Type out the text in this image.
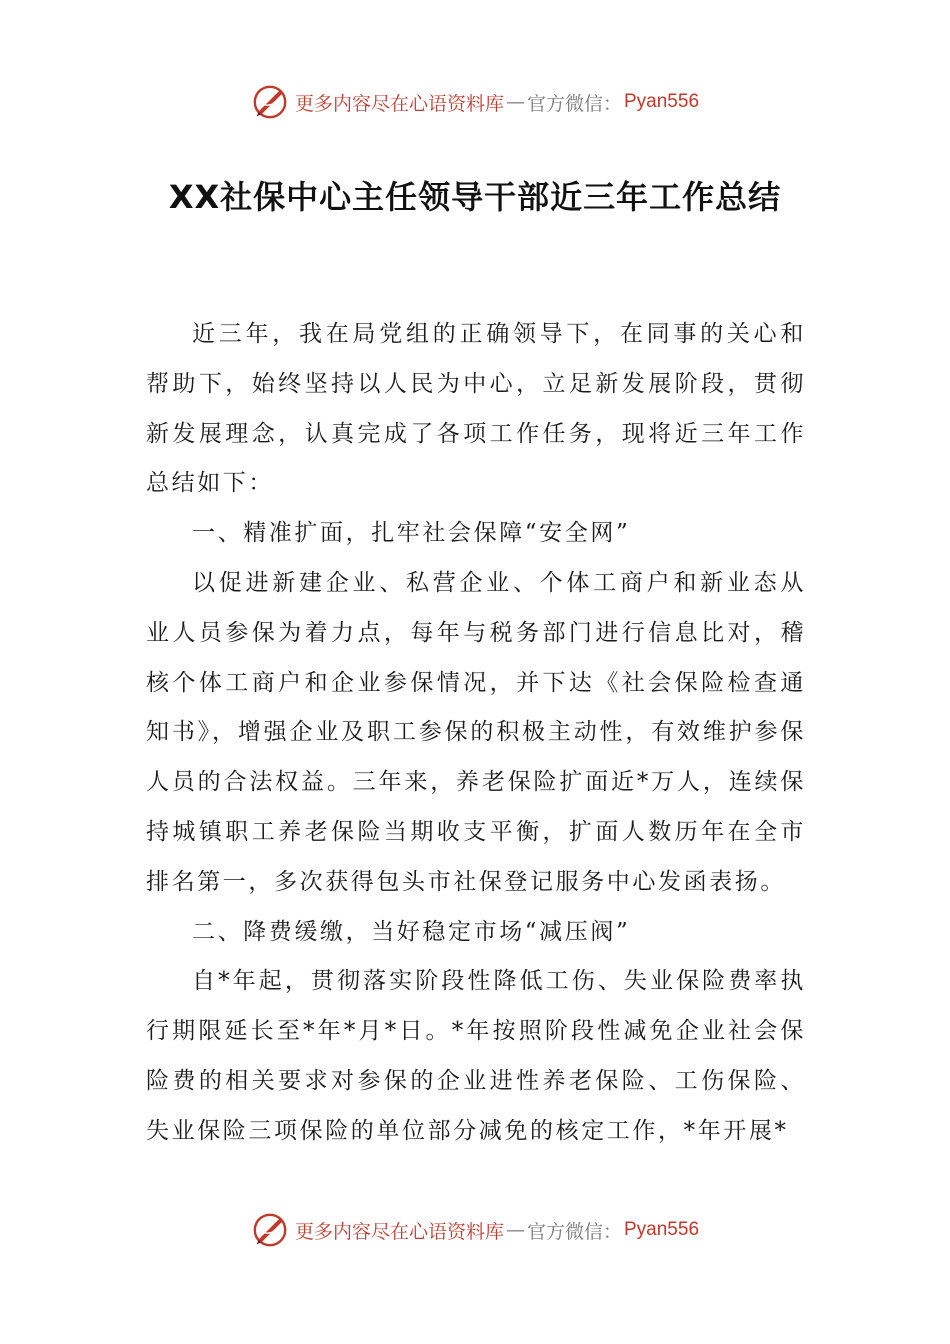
更多内容尽在心语资料库 — 官方微信： Pyan556
XX社保中心主任领导干部近三年工作总结

近三年，我在局党组的正确领导下，在同事的关心和帮助下，始终坚持以人民为中心，立足新发展阶段，贯彻新发展理念，认真完成了各项工作任务，现将近三年工作总结如下：

一、精准扩面，扎牢社会保障“安全网”

以促进新建企业、私营企业、个体工商户和新业态从业人员参保为着力点，每年与税务部门进行信息比对，稽核个体工商户和企业参保情况，并下达《社会保险检查通知书》，增强企业及职工参保的积极主动性，有效维护参保人员的合法权益。三年来，养老保险扩面近*万人，连续保持城镇职工养老保险当期收支平衡，扩面人数历年在全市排名第一，多次获得包头市社保登记服务中心发函表扬。

二、降费缓缴，当好稳定市场“减压阀”

自*年起，贯彻落实阶段性降低工伤、失业保险费率执行期限延长至*年*月*日。*年按照阶段性减免企业社会保险费的相关要求对参保的企业进性养老保险、工伤保险、失业保险三项保险的单位部分减免的核定工作，*年开展*

更多内容尽在心语资料库 — 官方微信： Pyan556
